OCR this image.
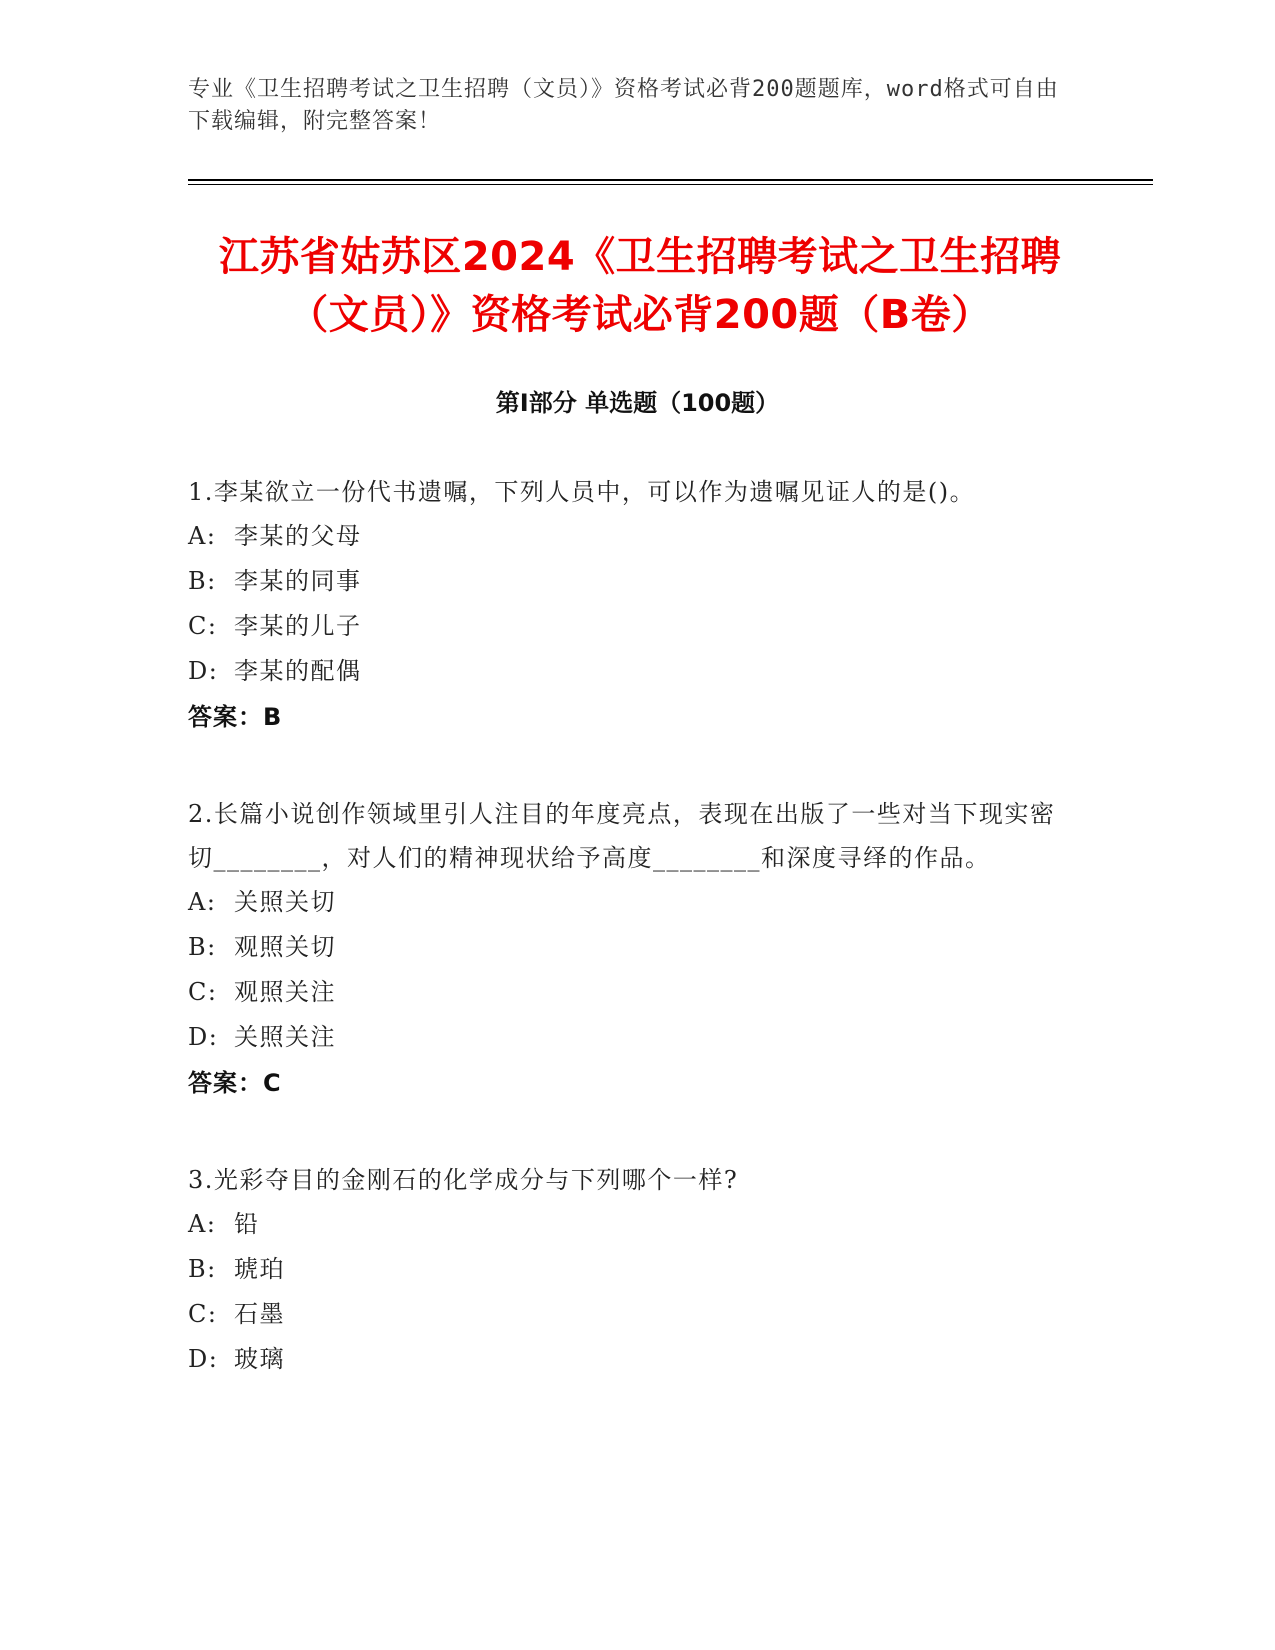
专业《卫生招聘考试之卫生招聘（文员）》资格考试必背200题题库，word格式可自由下载编辑，附完整答案！
江苏省姑苏区2024《卫生招聘考试之卫生招聘（文员）》资格考试必背200题（B卷）
第Ⅰ部分 单选题（100题）

1.李某欲立一份代书遗嘱，下列人员中，可以作为遗嘱见证人的是()。

A: 李某的父母
B: 李某的同事
C: 李某的儿子
D: 李某的配偶
答案：B

2.长篇小说创作领域里引人注目的年度亮点，表现在出版了一些对当下现实密切________，对人们的精神现状给予高度________和深度寻绎的作品。

A: 关照关切
B: 观照关切
C: 观照关注
D: 关照关注
答案：C

3.光彩夺目的金刚石的化学成分与下列哪个一样?

A: 铅
B: 琥珀
C: 石墨
D: 玻璃
